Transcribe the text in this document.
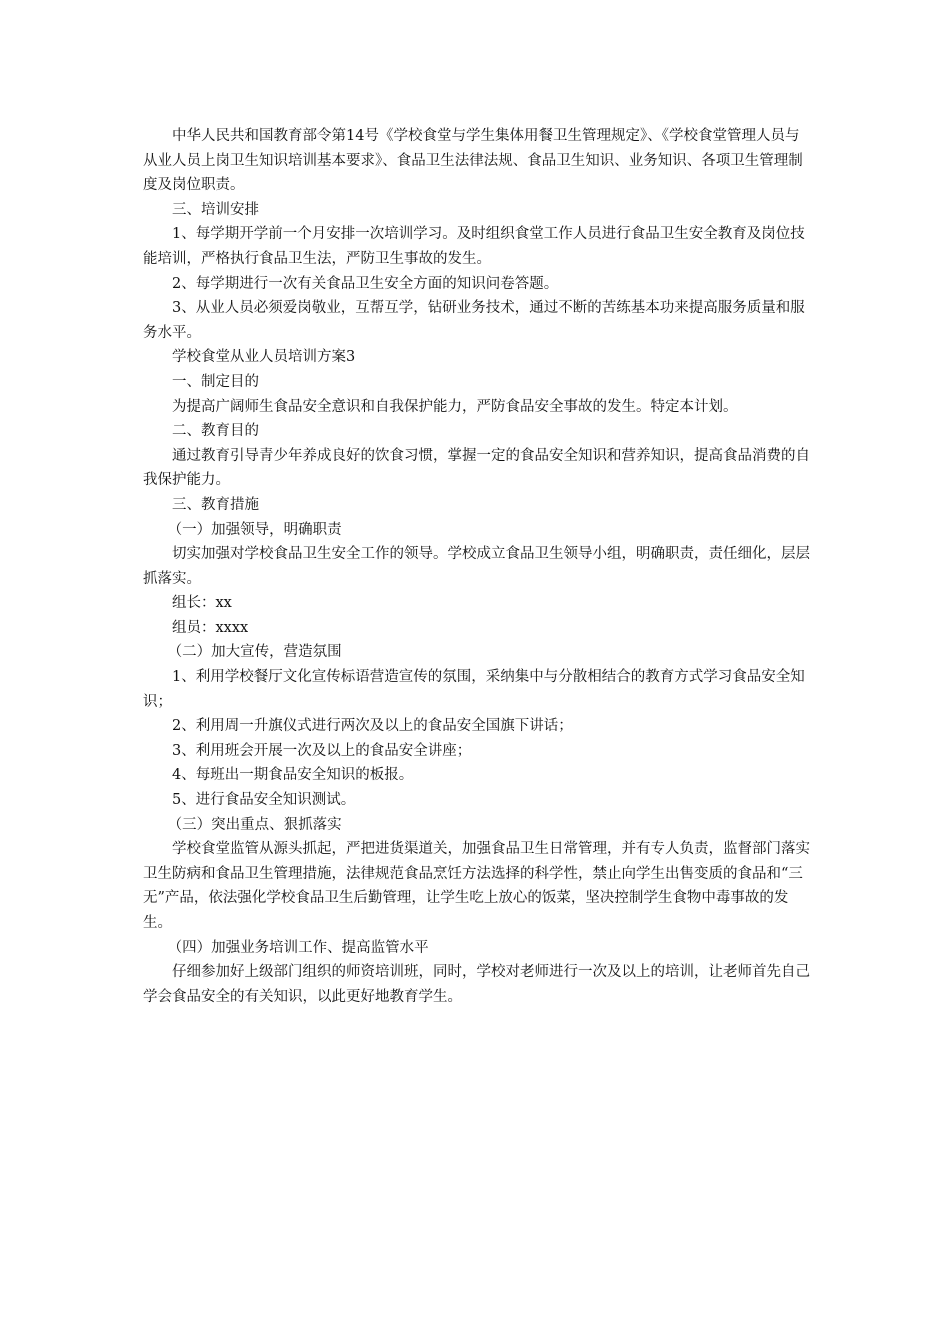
中华人民共和国教育部令第14号《学校食堂与学生集体用餐卫生管理规定》、《学校食堂管理人员与从业人员上岗卫生知识培训基本要求》、食品卫生法律法规、食品卫生知识、业务知识、各项卫生管理制度及岗位职责。

三、培训安排

1、每学期开学前一个月安排一次培训学习。及时组织食堂工作人员进行食品卫生安全教育及岗位技能培训，严格执行食品卫生法，严防卫生事故的发生。

2、每学期进行一次有关食品卫生安全方面的知识问卷答题。

3、从业人员必须爱岗敬业，互帮互学，钻研业务技术，通过不断的苦练基本功来提高服务质量和服务水平。

学校食堂从业人员培训方案3

一、制定目的

为提高广阔师生食品安全意识和自我保护能力，严防食品安全事故的发生。特定本计划。

二、教育目的

通过教育引导青少年养成良好的饮食习惯，掌握一定的食品安全知识和营养知识，提高食品消费的自我保护能力。

三、教育措施

（一）加强领导，明确职责

切实加强对学校食品卫生安全工作的领导。学校成立食品卫生领导小组，明确职责，责任细化，层层抓落实。

组长：xx

组员：xxxx

（二）加大宣传，营造氛围

1、利用学校餐厅文化宣传标语营造宣传的氛围，采纳集中与分散相结合的教育方式学习食品安全知识；

2、利用周一升旗仪式进行两次及以上的食品安全国旗下讲话；

3、利用班会开展一次及以上的食品安全讲座；

4、每班出一期食品安全知识的板报。

5、进行食品安全知识测试。

（三）突出重点、狠抓落实

学校食堂监管从源头抓起，严把进货渠道关，加强食品卫生日常管理，并有专人负责，监督部门落实卫生防病和食品卫生管理措施，法律规范食品烹饪方法选择的科学性，禁止向学生出售变质的食品和“三无”产品，依法强化学校食品卫生后勤管理，让学生吃上放心的饭菜，坚决控制学生食物中毒事故的发生。

（四）加强业务培训工作、提高监管水平

仔细参加好上级部门组织的师资培训班，同时，学校对老师进行一次及以上的培训，让老师首先自己学会食品安全的有关知识，以此更好地教育学生。
